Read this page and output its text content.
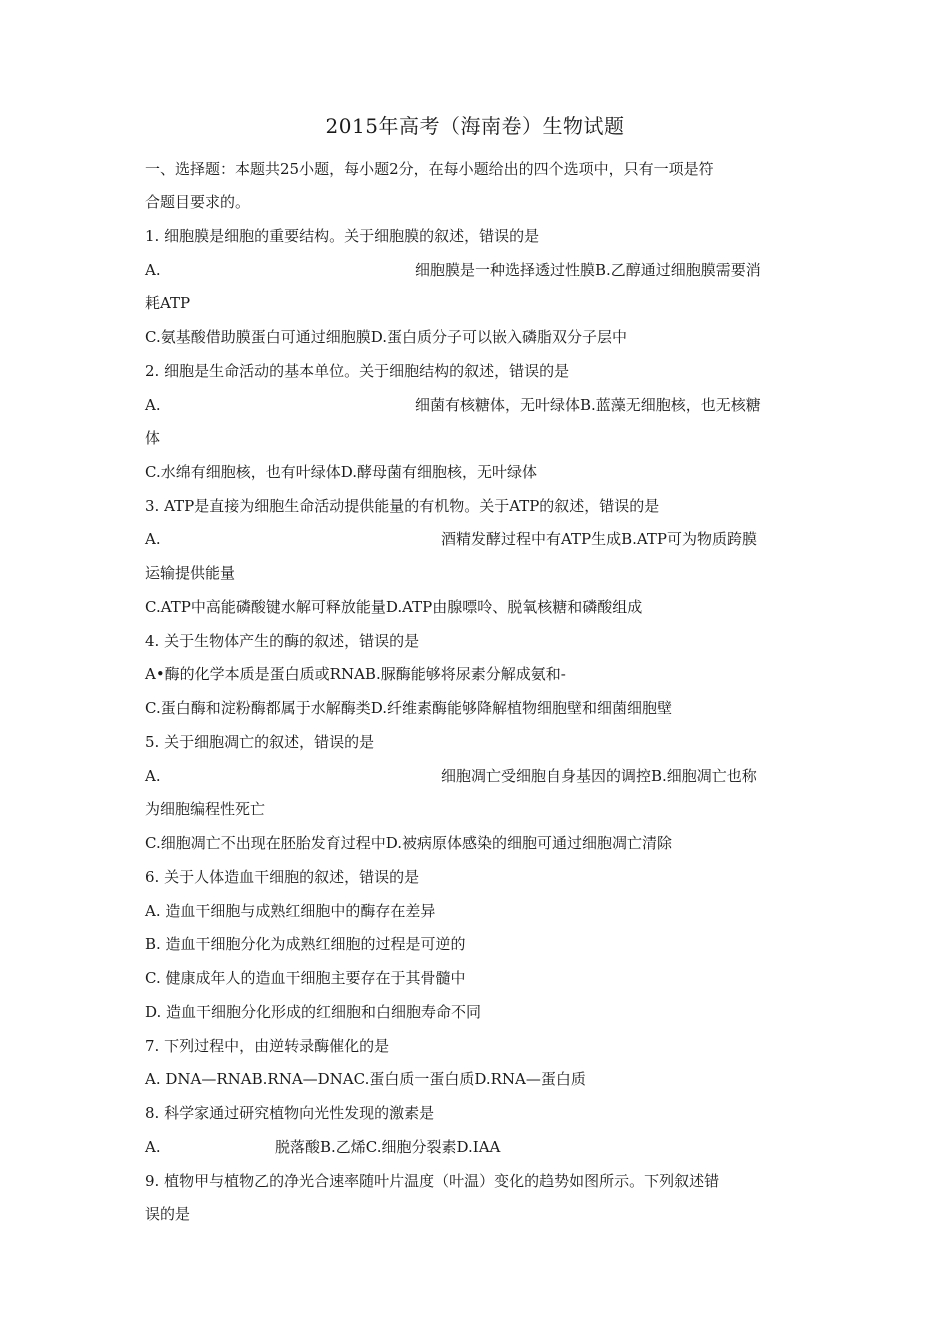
2015年高考（海南卷）生物试题
一、选择题：本题共25小题，每小题2分，在每小题给出的四个选项中，只有一项是符
合题目要求的。
1. 细胞膜是细胞的重要结构。关于细胞膜的叙述，错误的是
A.	细胞膜是一种选择透过性膜B.乙醇通过细胞膜需要消
耗ATP
C.氨基酸借助膜蛋白可通过细胞膜D.蛋白质分子可以嵌入磷脂双分子层中
2. 细胞是生命活动的基本单位。关于细胞结构的叙述，错误的是
A.	细菌有核糖体，无叶绿体B.蓝藻无细胞核，也无核糖
体
C.水绵有细胞核，也有叶绿体D.酵母菌有细胞核，无叶绿体
3. ATP是直接为细胞生命活动提供能量的有机物。关于ATP的叙述，错误的是
A.	酒精发酵过程中有ATP生成B.ATP可为物质跨膜
运输提供能量
C.ATP中高能磷酸键水解可释放能量D.ATP由腺嘌呤、脱氧核糖和磷酸组成
4. 关于生物体产生的酶的叙述，错误的是
A•酶的化学本质是蛋白质或RNAB.脲酶能够将尿素分解成氨和-
C.蛋白酶和淀粉酶都属于水解酶类D.纤维素酶能够降解植物细胞壁和细菌细胞壁
5. 关于细胞凋亡的叙述，错误的是
A.	细胞凋亡受细胞自身基因的调控B.细胞凋亡也称
为细胞编程性死亡
C.细胞凋亡不出现在胚胎发育过程中D.被病原体感染的细胞可通过细胞凋亡清除
6. 关于人体造血干细胞的叙述，错误的是
A. 造血干细胞与成熟红细胞中的酶存在差异
B. 造血干细胞分化为成熟红细胞的过程是可逆的
C. 健康成年人的造血干细胞主要存在于其骨髓中
D. 造血干细胞分化形成的红细胞和白细胞寿命不同
7. 下列过程中，由逆转录酶催化的是
A. DNA—RNAB.RNA—DNAC.蛋白质一蛋白质D.RNA—蛋白质
8. 科学家通过研究植物向光性发现的激素是
A.	脱落酸B.乙烯C.细胞分裂素D.IAA
9. 植物甲与植物乙的净光合速率随叶片温度（叶温）变化的趋势如图所示。下列叙述错
误的是
